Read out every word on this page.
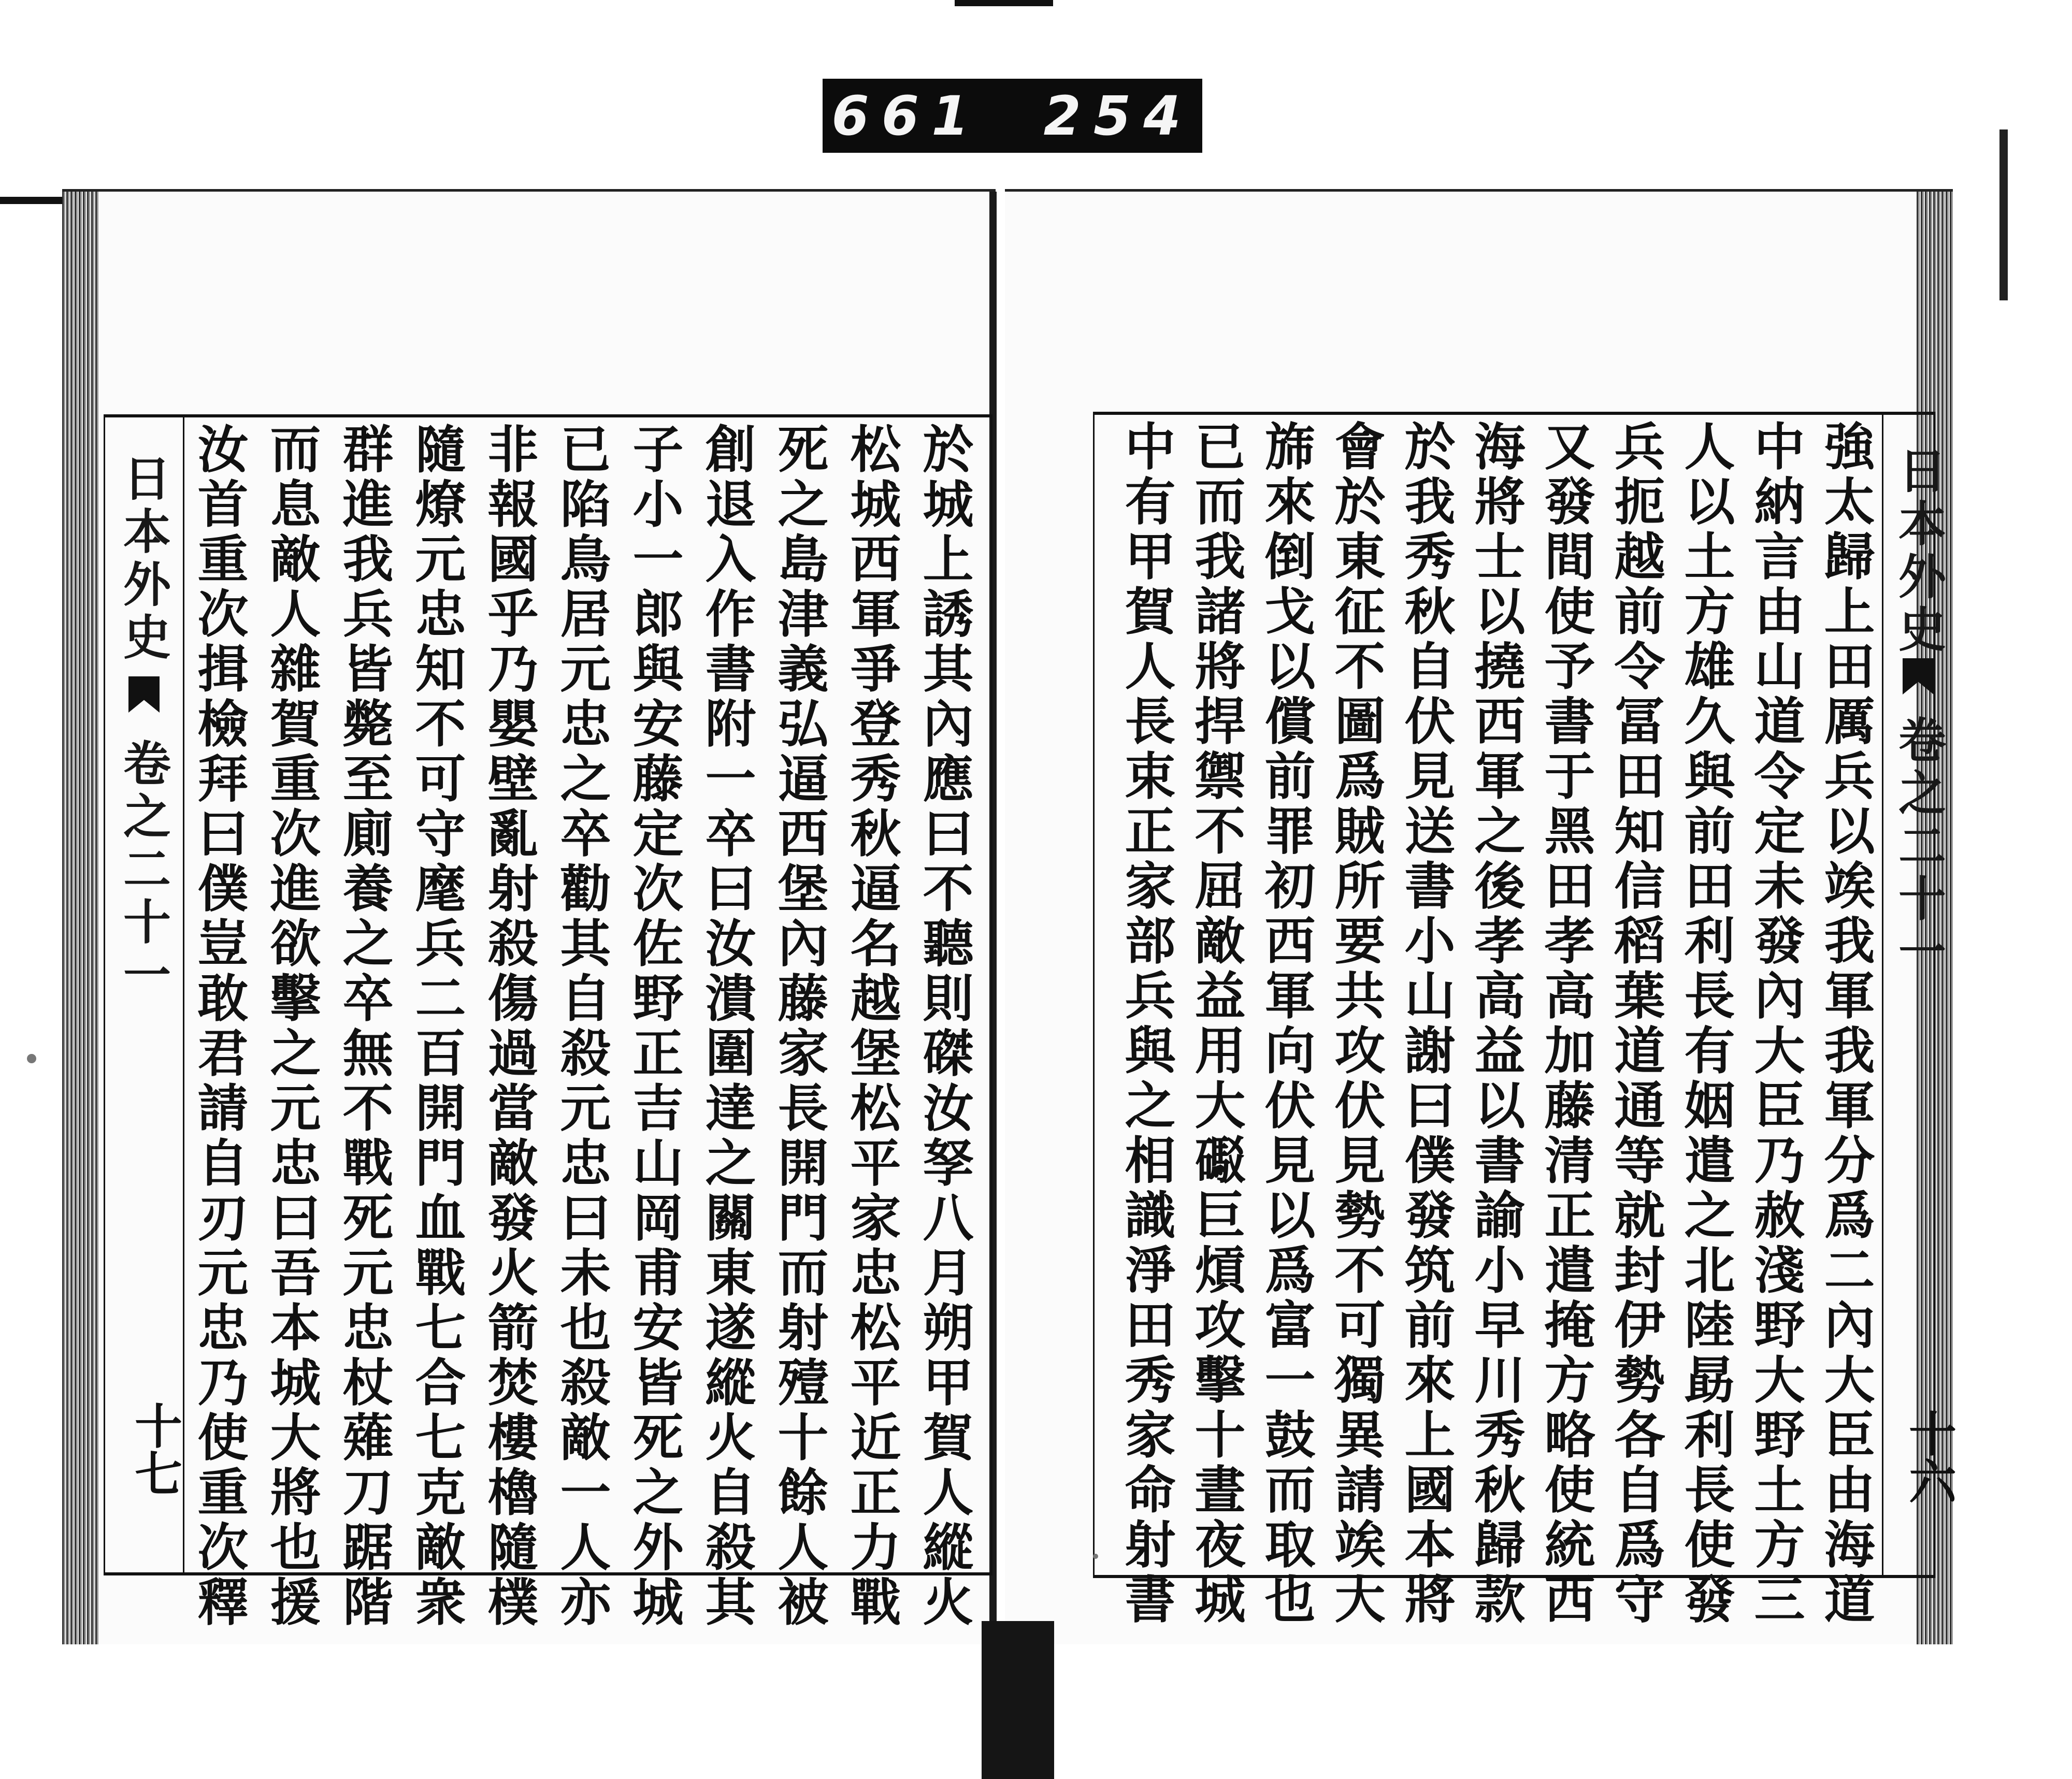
661 254
日本外史
卷之二十一
十七	於城上誘其內應曰不聽則磔汝孥八月朔甲賀人縱火
松城西軍爭登秀秋逼名越堡松平家忠松平近正力戰
死之島津義弘逼西堡內藤家長開門而射殪十餘人被
創退入作書附一卒曰汝潰圍達之關東遂縱火自殺其
子小一郎與安藤定次佐野正吉山岡甫安皆死之外城
已陷鳥居元忠之卒勸其自殺元忠曰未也殺敵一人亦
非報國乎乃嬰壁亂射殺傷過當敵發火箭焚樓櫓隨樸
隨燎元忠知不可守麾兵二百開門血戰七合七克敵衆
群進我兵皆斃至廁養之卒無不戰死元忠杖薙刀踞階
而息敵人雜賀重次進欲擊之元忠曰吾本城大將也援
汝首重次揖檢拜曰僕豈敢君請自刃元忠乃使重次釋	日本外史
卷之二十一
十六
強太歸上田厲兵以竢我軍我軍分爲二內大臣由海道
中納言由山道令定未發內大臣乃赦淺野大野土方三
人以土方雄久與前田利長有姻遣之北陸勗利長使發
兵扼越前令冨田知信稻葉道通等就封伊勢各自爲守
又發間使予書于黑田孝高加藤清正遣掩方略使統西
海將士以撓西軍之後孝高益以書諭小早川秀秋歸款
於我秀秋自伏見送書小山謝曰僕發筑前來上國本將
會於東征不圖爲賊所要共攻伏見勢不可獨異請竢大
旆來倒戈以償前罪初西軍向伏見以爲富一鼓而取也
已而我諸將捍禦不屈敵益用大礟巨熕攻擊十晝夜城
中有甲賀人長束正家部兵與之相識淨田秀家命射書
